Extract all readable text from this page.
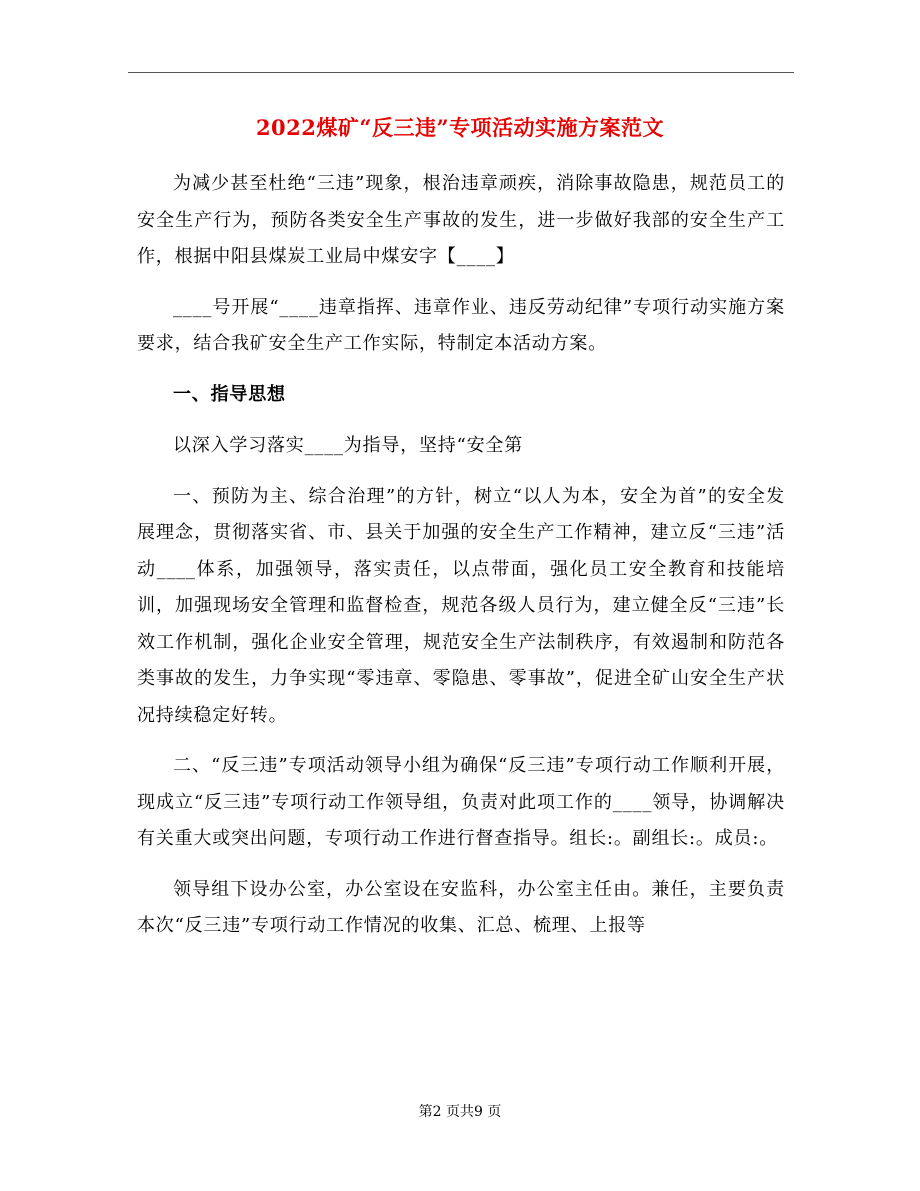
2022煤矿“反三违”专项活动实施方案范文

为减少甚至杜绝“三违”现象，根治违章顽疾，消除事故隐患，规范员工的安全生产行为，预防各类安全生产事故的发生，进一步做好我部的安全生产工作，根据中阳县煤炭工业局中煤安字【____】

____号开展“____违章指挥、违章作业、违反劳动纪律”专项行动实施方案要求，结合我矿安全生产工作实际，特制定本活动方案。

一、指导思想

以深入学习落实____为指导，坚持“安全第

一、预防为主、综合治理”的方针，树立“以人为本，安全为首”的安全发展理念，贯彻落实省、市、县关于加强的安全生产工作精神，建立反“三违”活动____体系，加强领导，落实责任，以点带面，强化员工安全教育和技能培训，加强现场安全管理和监督检查，规范各级人员行为，建立健全反“三违”长效工作机制，强化企业安全管理，规范安全生产法制秩序，有效遏制和防范各类事故的发生，力争实现“零违章、零隐患、零事故”，促进全矿山安全生产状况持续稳定好转。

二、“反三违”专项活动领导小组为确保“反三违”专项行动工作顺利开展，现成立“反三违”专项行动工作领导组，负责对此项工作的____领导，协调解决有关重大或突出问题，专项行动工作进行督查指导。组长:。副组长:。成员:。

领导组下设办公室，办公室设在安监科，办公室主任由。兼任，主要负责本次“反三违”专项行动工作情况的收集、汇总、梳理、上报等

第2 页共9 页
